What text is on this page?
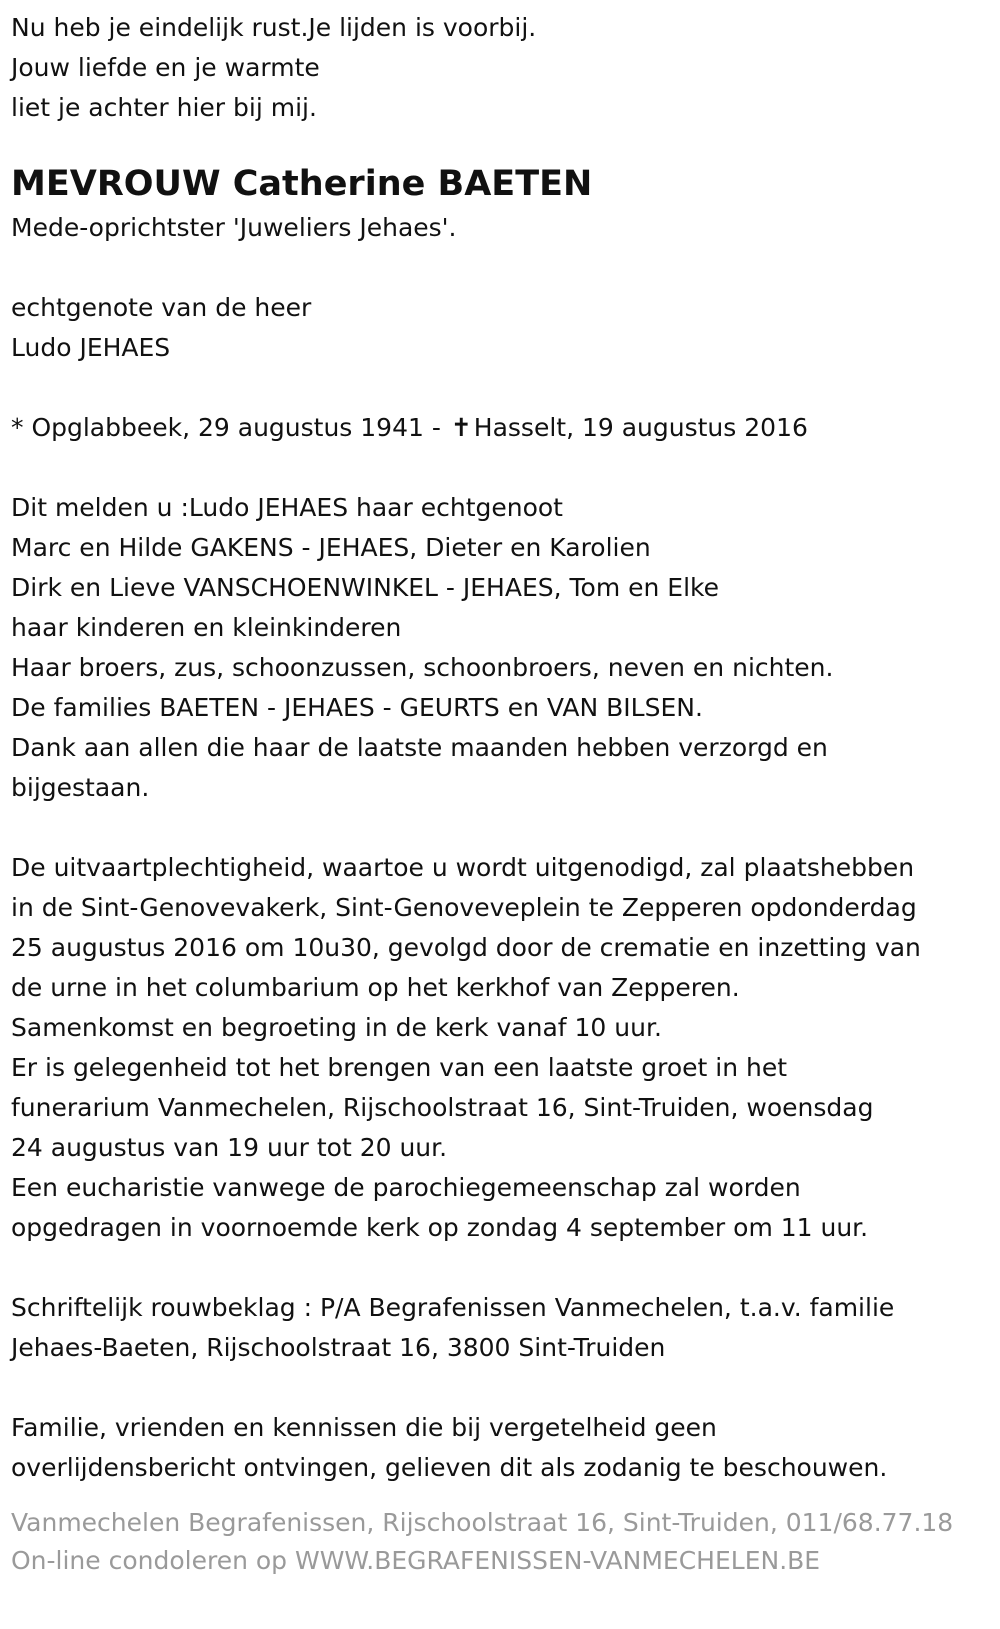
Nu heb je eindelijk rust.Je lijden is voorbij.
Jouw liefde en je warmte
liet je achter hier bij mij.
MEVROUW Catherine BAETEN
Mede-oprichtster 'Juweliers Jehaes'.
echtgenote van de heer
Ludo JEHAES
* Opglabbeek, 29 augustus 1941 - ✝Hasselt, 19 augustus 2016
Dit melden u :Ludo JEHAES haar echtgenoot
Marc en Hilde GAKENS - JEHAES, Dieter en Karolien
Dirk en Lieve VANSCHOENWINKEL - JEHAES, Tom en Elke
haar kinderen en kleinkinderen
Haar broers, zus, schoonzussen, schoonbroers, neven en nichten.
De families BAETEN - JEHAES - GEURTS en VAN BILSEN.
Dank aan allen die haar de laatste maanden hebben verzorgd en
bijgestaan.
De uitvaartplechtigheid, waartoe u wordt uitgenodigd, zal plaatshebben
in de Sint-Genovevakerk, Sint-Genoveveplein te Zepperen opdonderdag
25 augustus 2016 om 10u30, gevolgd door de crematie en inzetting van
de urne in het columbarium op het kerkhof van Zepperen.
Samenkomst en begroeting in de kerk vanaf 10 uur.
Er is gelegenheid tot het brengen van een laatste groet in het
funerarium Vanmechelen, Rijschoolstraat 16, Sint-Truiden, woensdag
24 augustus van 19 uur tot 20 uur.
Een eucharistie vanwege de parochiegemeenschap zal worden
opgedragen in voornoemde kerk op zondag 4 september om 11 uur.
Schriftelijk rouwbeklag : P/A Begrafenissen Vanmechelen, t.a.v. familie
Jehaes-Baeten, Rijschoolstraat 16, 3800 Sint-Truiden
Familie, vrienden en kennissen die bij vergetelheid geen
overlijdensbericht ontvingen, gelieven dit als zodanig te beschouwen.
Vanmechelen Begrafenissen, Rijschoolstraat 16, Sint-Truiden, 011/68.77.18
On-line condoleren op WWW.BEGRAFENISSEN-VANMECHELEN.BE
